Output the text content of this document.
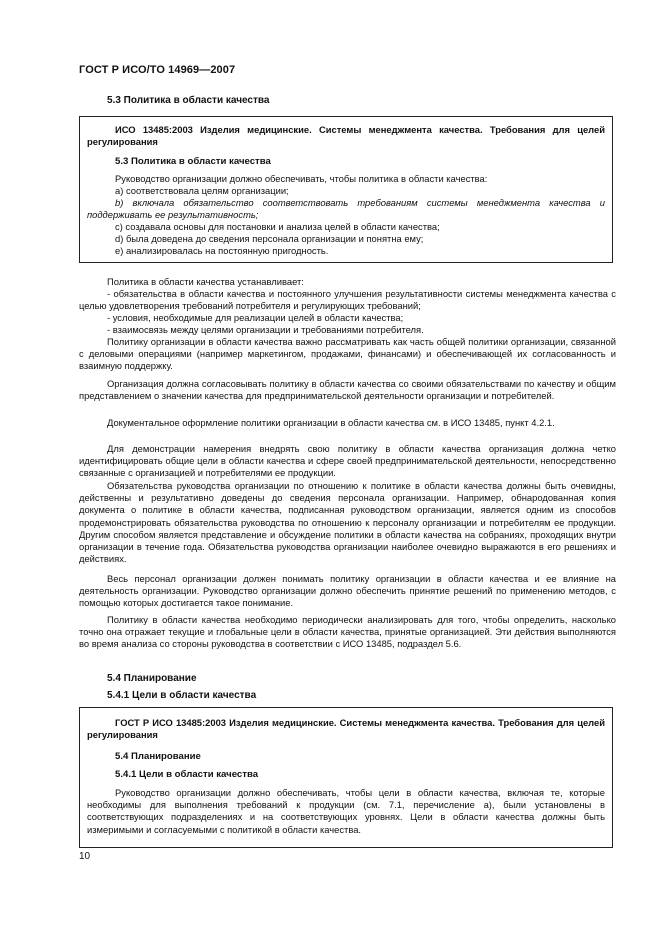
ГОСТ Р ИСО/ТО 14969—2007
5.3 Политика в области качества
ИСО 13485:2003 Изделия медицинские. Системы менеджмента качества. Требования для целей регулирования
5.3 Политика в области качества
Руководство организации должно обеспечивать, чтобы политика в области качества:
а) соответствовала целям организации;
b) включала обязательство соответствовать требованиям системы менеджмента качества и поддерживать ее результативность;
c) создавала основы для постановки и анализа целей в области качества;
d) была доведена до сведения персонала организации и понятна ему;
e) анализировалась на постоянную пригодность.
Политика в области качества устанавливает:
- обязательства в области качества и постоянного улучшения результативности системы менеджмента качества с целью удовлетворения требований потребителя и регулирующих требований;
- условия, необходимые для реализации целей в области качества;
- взаимосвязь между целями организации и требованиями потребителя.
Политику организации в области качества важно рассматривать как часть общей политики организации, связанной с деловыми операциями (например маркетингом, продажами, финансами) и обеспечивающей их согласованность и взаимную поддержку.
Организация должна согласовывать политику в области качества со своими обязательствами по качеству и общим представлением о значении качества для предпринимательской деятельности организации и потребителей.
Документальное оформление политики организации в области качества см. в ИСО 13485, пункт 4.2.1.
Для демонстрации намерения внедрять свою политику в области качества организация должна четко идентифицировать общие цели в области качества и сфере своей предпринимательской деятельности, непосредственно связанные с организацией и потребителями ее продукции.
Обязательства руководства организации по отношению к политике в области качества должны быть очевидны, действенны и результативно доведены до сведения персонала организации. Например, обнародованная копия документа о политике в области качества, подписанная руководством организации, является одним из способов продемонстрировать обязательства руководства по отношению к персоналу организации и потребителям ее продукции. Другим способом является представление и обсуждение политики в области качества на собраниях, проходящих внутри организации в течение года. Обязательства руководства организации наиболее очевидно выражаются в его решениях и действиях.
Весь персонал организации должен понимать политику организации в области качества и ее влияние на деятельность организации. Руководство организации должно обеспечить принятие решений по применению методов, с помощью которых достигается такое понимание.
Политику в области качества необходимо периодически анализировать для того, чтобы определить, насколько точно она отражает текущие и глобальные цели в области качества, принятые организацией. Эти действия выполняются во время анализа со стороны руководства в соответствии с ИСО 13485, подраздел 5.6.
5.4 Планирование
5.4.1 Цели в области качества
ГОСТ Р ИСО 13485:2003 Изделия медицинские. Системы менеджмента качества. Требования для целей регулирования
5.4 Планирование
5.4.1 Цели в области качества
Руководство организации должно обеспечивать, чтобы цели в области качества, включая те, которые необходимы для выполнения требований к продукции (см. 7.1, перечисление а), были установлены в соответствующих подразделениях и на соответствующих уровнях. Цели в области качества должны быть измеримыми и согласуемыми с политикой в области качества.
10
